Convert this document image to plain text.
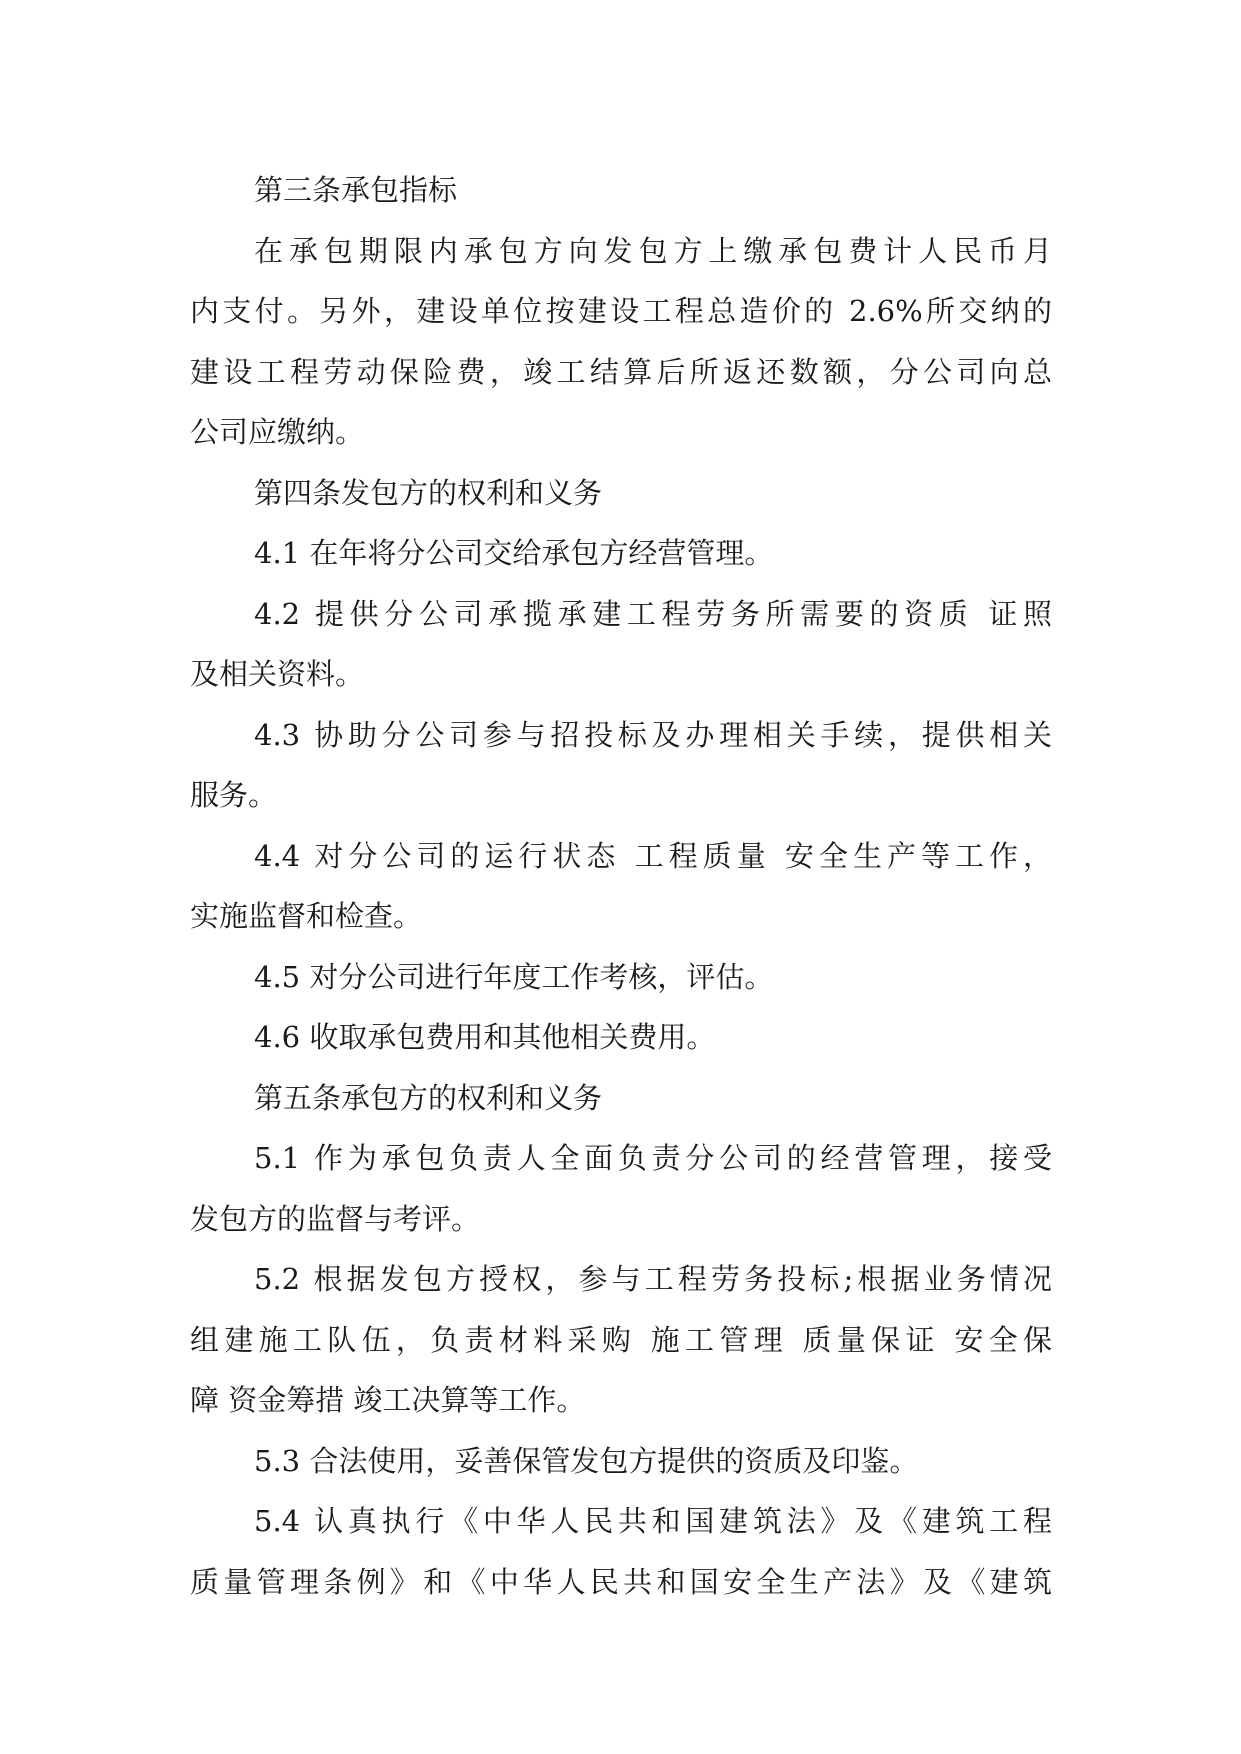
第三条承包指标

在承包期限内承包方向发包方上缴承包费计人民币月

内支付。另外，建设单位按建设工程总造价的 2.6%所交纳的

建设工程劳动保险费，竣工结算后所返还数额，分公司向总

公司应缴纳。

第四条发包方的权利和义务

4.1 在年将分公司交给承包方经营管理。

4.2 提供分公司承揽承建工程劳务所需要的资质 证照

及相关资料。

4.3 协助分公司参与招投标及办理相关手续，提供相关

服务。

4.4 对分公司的运行状态 工程质量 安全生产等工作，

实施监督和检查。

4.5 对分公司进行年度工作考核，评估。

4.6 收取承包费用和其他相关费用。

第五条承包方的权利和义务

5.1 作为承包负责人全面负责分公司的经营管理，接受

发包方的监督与考评。

5.2 根据发包方授权，参与工程劳务投标;根据业务情况

组建施工队伍，负责材料采购 施工管理 质量保证 安全保

障 资金筹措 竣工决算等工作。

5.3 合法使用，妥善保管发包方提供的资质及印鉴。

5.4 认真执行《中华人民共和国建筑法》及《建筑工程

质量管理条例》和《中华人民共和国安全生产法》及《建筑
